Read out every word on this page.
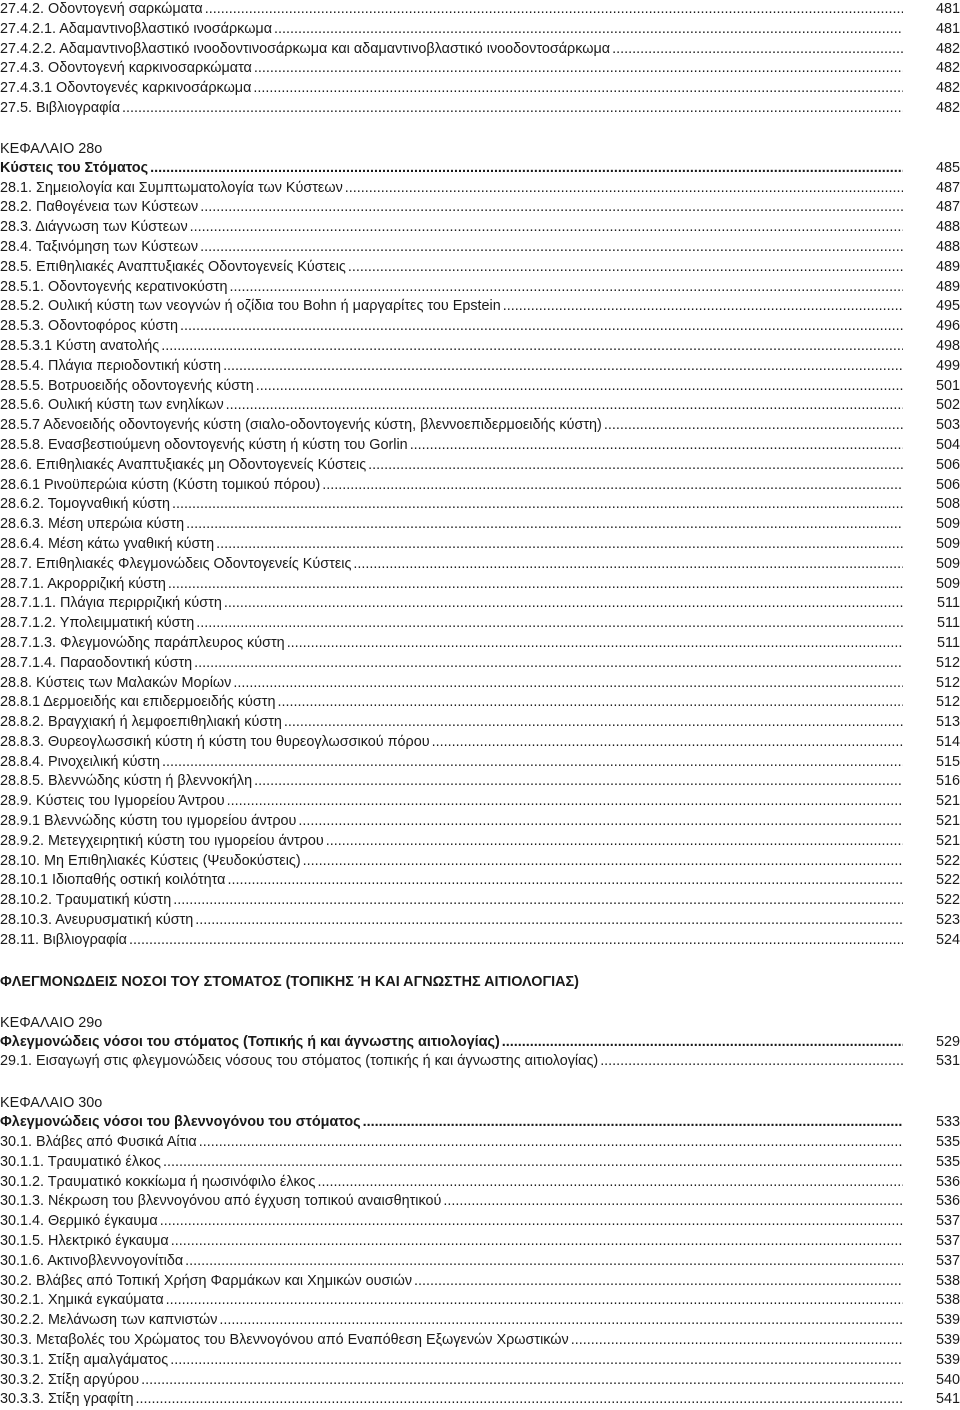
27.4.2. Οδοντογενή σαρκώματα .....	481
27.4.2.1. Αδαμαντινοβλαστικό ινοσάρκωμα .....	481
27.4.2.2. Αδαμαντινοβλαστικό ινοοδοντινοσάρκωμα και αδαμαντινοβλαστικό ινοοδοντοσάρκωμα .....	482
27.4.3. Οδοντογενή καρκινοσαρκώματα .....	482
27.4.3.1 Οδοντογενές καρκινοσάρκωμα .....	482
27.5. Βιβλιογραφία .....	482
ΚΕΦΑΛΑΙΟ 28ο
Κύστεις του Στόματος .....	485
28.1. Σημειολογία και Συμπτωματολογία των Κύστεων .....	487
28.2. Παθογένεια των Κύστεων .....	487
28.3. Διάγνωση των Κύστεων .....	488
28.4. Ταξινόμηση των Κύστεων .....	488
28.5. Επιθηλιακές Αναπτυξιακές Οδοντογενείς Κύστεις .....	489
28.5.1. Οδοντογενής κερατινοκύστη .....	489
28.5.2. Ουλική κύστη των νεογνών ή οζίδια του Bohn ή μαργαρίτες του Epstein .....	495
28.5.3. Οδοντοφόρος κύστη .....	496
28.5.3.1 Κύστη ανατολής .....	498
28.5.4. Πλάγια περιοδοντική κύστη .....	499
28.5.5. Βοτρυοειδής οδοντογενής κύστη .....	501
28.5.6. Ουλική κύστη των ενηλίκων .....	502
28.5.7 Αδενοειδής οδοντογενής κύστη (σιαλο-οδοντογενής κύστη, βλεννοεπιδερμοειδής κύστη) .....	503
28.5.8. Ενασβεστιούμενη οδοντογενής κύστη ή κύστη του Gorlin .....	504
28.6. Επιθηλιακές Αναπτυξιακές μη Οδοντογενείς Κύστεις .....	506
28.6.1 Ρινοϋπερώια κύστη (Κύστη τομικού πόρου) .....	506
28.6.2. Τομογναθική κύστη .....	508
28.6.3. Μέση υπερώια κύστη .....	509
28.6.4. Μέση κάτω γναθική κύστη .....	509
28.7. Επιθηλιακές Φλεγμονώδεις Οδοντογενείς Κύστεις .....	509
28.7.1. Ακρορριζική κύστη .....	509
28.7.1.1. Πλάγια περιρριζική κύστη .....	511
28.7.1.2. Υπολειμματική κύστη .....	511
28.7.1.3. Φλεγμονώδης παράπλευρος κύστη .....	511
28.7.1.4. Παραοδοντική κύστη .....	512
28.8. Κύστεις των Μαλακών Μορίων .....	512
28.8.1 Δερμοειδής και επιδερμοειδής κύστη .....	512
28.8.2. Βραγχιακή ή λεμφοεπιθηλιακή κύστη .....	513
28.8.3. Θυρεογλωσσική κύστη ή κύστη του θυρεογλωσσικού πόρου .....	514
28.8.4. Ρινοχειλική κύστη .....	515
28.8.5. Βλεννώδης κύστη ή βλεννοκήλη .....	516
28.9. Κύστεις του Ιγμορείου Άντρου .....	521
28.9.1 Βλεννώδης κύστη του ιγμορείου άντρου .....	521
28.9.2. Μετεγχειρητική κύστη του ιγμορείου άντρου .....	521
28.10. Μη Επιθηλιακές Κύστεις (Ψευδοκύστεις) .....	522
28.10.1 Ιδιοπαθής οστική κοιλότητα .....	522
28.10.2. Τραυματική κύστη .....	522
28.10.3. Ανευρυσματική κύστη .....	523
28.11. Βιβλιογραφία .....	524
ΦΛΕΓΜΟΝΩΔΕΙΣ ΝΟΣΟΙ ΤΟΥ ΣΤΟΜΑΤΟΣ (ΤΟΠΙΚΗΣ Ή ΚΑΙ ΑΓΝΩΣΤΗΣ ΑΙΤΙΟΛΟΓΙΑΣ)
ΚΕΦΑΛΑΙΟ 29ο
Φλεγμονώδεις νόσοι του στόματος (Τοπικής ή και άγνωστης αιτιολογίας) .....	529
29.1. Εισαγωγή στις φλεγμονώδεις νόσους του στόματος (τοπικής ή και άγνωστης αιτιολογίας) .....	531
ΚΕΦΑΛΑΙΟ 30ο
Φλεγμονώδεις νόσοι του βλεννογόνου του στόματος .....	533
30.1. Βλάβες από Φυσικά Αίτια .....	535
30.1.1. Τραυματικό έλκος .....	535
30.1.2. Τραυματικό κοκκίωμα ή ηωσινόφιλο έλκος .....	536
30.1.3. Νέκρωση του βλεννογόνου από έγχυση τοπικού αναισθητικού .....	536
30.1.4. Θερμικό έγκαυμα .....	537
30.1.5. Ηλεκτρικό έγκαυμα .....	537
30.1.6. Ακτινοβλεννογονίτιδα .....	537
30.2. Βλάβες από Τοπική Χρήση Φαρμάκων και Χημικών ουσιών .....	538
30.2.1. Χημικά εγκαύματα .....	538
30.2.2. Μελάνωση των καπνιστών .....	539
30.3. Μεταβολές του Χρώματος του Βλεννογόνου από Εναπόθεση Εξωγενών Χρωστικών .....	539
30.3.1. Στίξη αμαλγάματος .....	539
30.3.2. Στίξη αργύρου .....	540
30.3.3. Στίξη γραφίτη .....	541
